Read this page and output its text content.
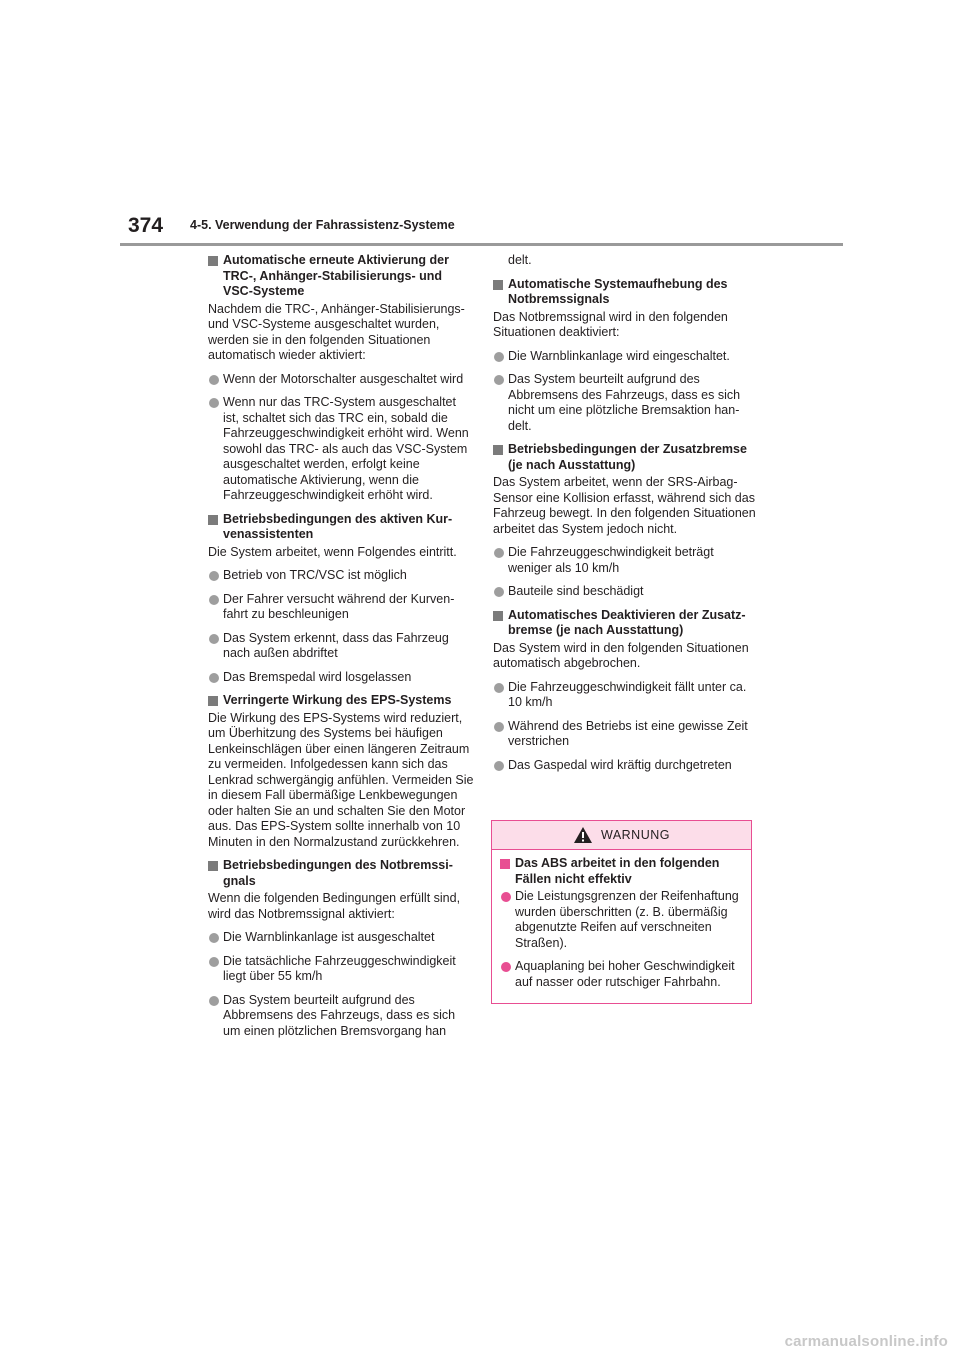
374 4-5. Verwendung der Fahrassistenz-Systeme
Automatische erneute Aktivierung der TRC-, Anhänger-Stabilisierungs- und VSC-Systeme
Nachdem die TRC-, Anhänger-Stabilisierungs- und VSC-Systeme ausgeschaltet wurden, werden sie in den folgenden Situationen automatisch wieder aktiviert:
Wenn der Motorschalter ausgeschaltet wird
Wenn nur das TRC-System ausgeschaltet ist, schaltet sich das TRC ein, sobald die Fahrzeuggeschwindigkeit erhöht wird. Wenn sowohl das TRC- als auch das VSC-System ausgeschaltet werden, erfolgt keine automatische Aktivierung, wenn die Fahrzeuggeschwindigkeit erhöht wird.
Betriebsbedingungen des aktiven Kurvenassistenten
Die System arbeitet, wenn Folgendes eintritt.
Betrieb von TRC/VSC ist möglich
Der Fahrer versucht während der Kurvenfahrt zu beschleunigen
Das System erkennt, dass das Fahrzeug nach außen abdriftet
Das Bremspedal wird losgelassen
Verringerte Wirkung des EPS-Systems
Die Wirkung des EPS-Systems wird reduziert, um Überhitzung des Systems bei häufigen Lenkeinschlägen über einen längeren Zeitraum zu vermeiden. Infolgedessen kann sich das Lenkrad schwergängig anfühlen. Vermeiden Sie in diesem Fall übermäßige Lenkbewegungen oder halten Sie an und schalten Sie den Motor aus. Das EPS-System sollte innerhalb von 10 Minuten in den Normalzustand zurückkehren.
Betriebsbedingungen des Notbremssignals
Wenn die folgenden Bedingungen erfüllt sind, wird das Notbremssignal aktiviert:
Die Warnblinkanlage ist ausgeschaltet
Die tatsächliche Fahrzeuggeschwindigkeit liegt über 55 km/h
Das System beurteilt aufgrund des Abbremsens des Fahrzeugs, dass es sich um einen plötzlichen Bremsvorgang han
delt.
Automatische Systemaufhebung des Notbremssignals
Das Notbremssignal wird in den folgenden Situationen deaktiviert:
Die Warnblinkanlage wird eingeschaltet.
Das System beurteilt aufgrund des Abbremsens des Fahrzeugs, dass es sich nicht um eine plötzliche Bremsaktion handelt.
Betriebsbedingungen der Zusatzbremse (je nach Ausstattung)
Das System arbeitet, wenn der SRS-Airbag-Sensor eine Kollision erfasst, während sich das Fahrzeug bewegt. In den folgenden Situationen arbeitet das System jedoch nicht.
Die Fahrzeuggeschwindigkeit beträgt weniger als 10 km/h
Bauteile sind beschädigt
Automatisches Deaktivieren der Zusatzbremse (je nach Ausstattung)
Das System wird in den folgenden Situationen automatisch abgebrochen.
Die Fahrzeuggeschwindigkeit fällt unter ca. 10 km/h
Während des Betriebs ist eine gewisse Zeit verstrichen
Das Gaspedal wird kräftig durchgetreten
WARNUNG
Das ABS arbeitet in den folgenden Fällen nicht effektiv
Die Leistungsgrenzen der Reifenhaftung wurden überschritten (z. B. übermäßig abgenutzte Reifen auf verschneiten Straßen).
Aquaplaning bei hoher Geschwindigkeit auf nasser oder rutschiger Fahrbahn.
carmanualsonline.info
